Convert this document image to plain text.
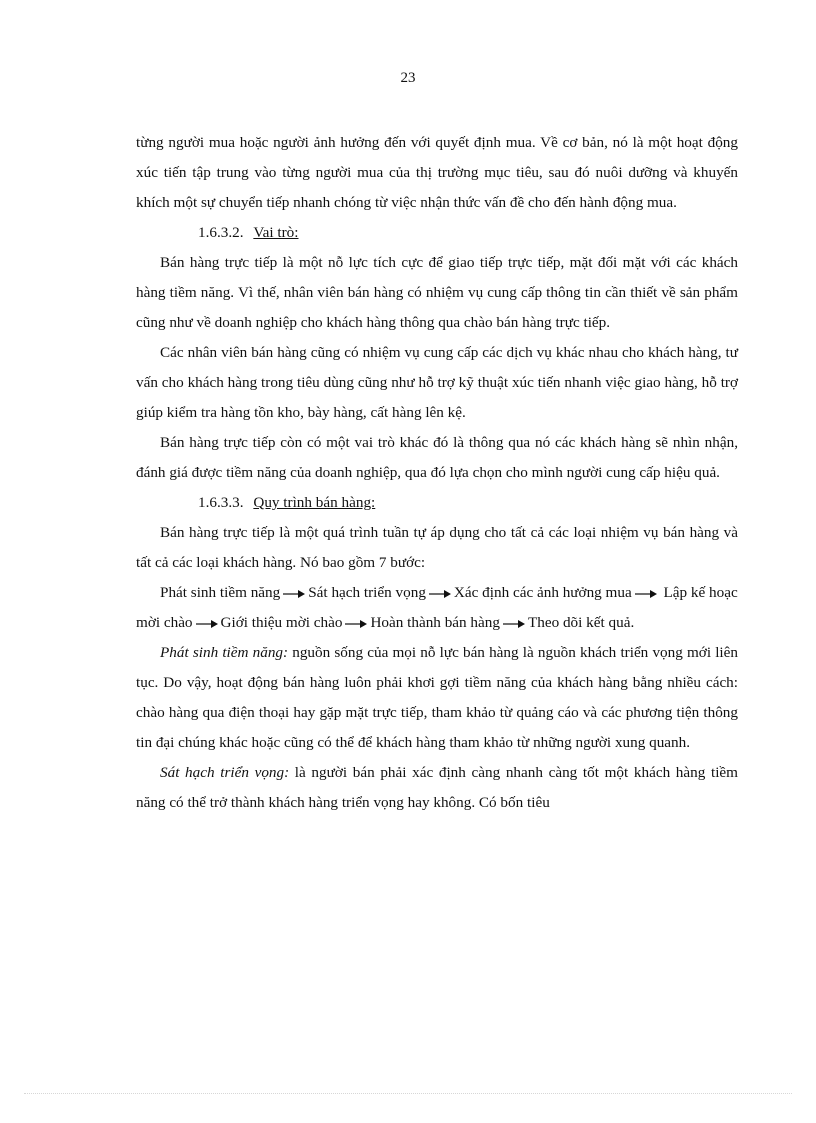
23

từng người mua hoặc người ảnh hưởng đến với quyết định mua. Về cơ bản, nó là một hoạt động xúc tiến tập trung vào từng người mua của thị trường mục tiêu, sau đó nuôi dưỡng và khuyến khích một sự chuyển tiếp nhanh chóng từ việc nhận thức vấn đề cho đến hành động mua.

1.6.3.2. Vai trò:

Bán hàng trực tiếp là một nỗ lực tích cực để giao tiếp trực tiếp, mặt đối mặt với các khách hàng tiềm năng. Vì thế, nhân viên bán hàng có nhiệm vụ cung cấp thông tin cần thiết về sản phẩm cũng như về doanh nghiệp cho khách hàng thông qua chào bán hàng trực tiếp.

Các nhân viên bán hàng cũng có nhiệm vụ cung cấp các dịch vụ khác nhau cho khách hàng, tư vấn cho khách hàng trong tiêu dùng cũng như hỗ trợ kỹ thuật xúc tiến nhanh việc giao hàng, hỗ trợ giúp kiểm tra hàng tồn kho, bày hàng, cất hàng lên kệ.

Bán hàng trực tiếp còn có một vai trò khác đó là thông qua nó các khách hàng sẽ nhìn nhận, đánh giá được tiềm năng của doanh nghiệp, qua đó lựa chọn cho mình người cung cấp hiệu quả.

1.6.3.3. Quy trình bán hàng:

Bán hàng trực tiếp là một quá trình tuần tự áp dụng cho tất cả các loại nhiệm vụ bán hàng và tất cả các loại khách hàng. Nó bao gồm 7 bước:

Phát sinh tiềm năng Sát hạch triển vọng Xác định các ảnh hưởng mua Lập kế hoạc mời chào Giới thiệu mời chào Hoàn thành bán hàng Theo dõi kết quả.

Phát sinh tiềm năng: nguồn sống của mọi nỗ lực bán hàng là nguồn khách triển vọng mới liên tục. Do vậy, hoạt động bán hàng luôn phải khơi gợi tiềm năng của khách hàng bằng nhiều cách: chào hàng qua điện thoại hay gặp mặt trực tiếp, tham khảo từ quảng cáo và các phương tiện thông tin đại chúng khác hoặc cũng có thể để khách hàng tham khảo từ những người xung quanh.

Sát hạch triển vọng: là người bán phải xác định càng nhanh càng tốt một khách hàng tiềm năng có thể trở thành khách hàng triển vọng hay không. Có bốn tiêu
